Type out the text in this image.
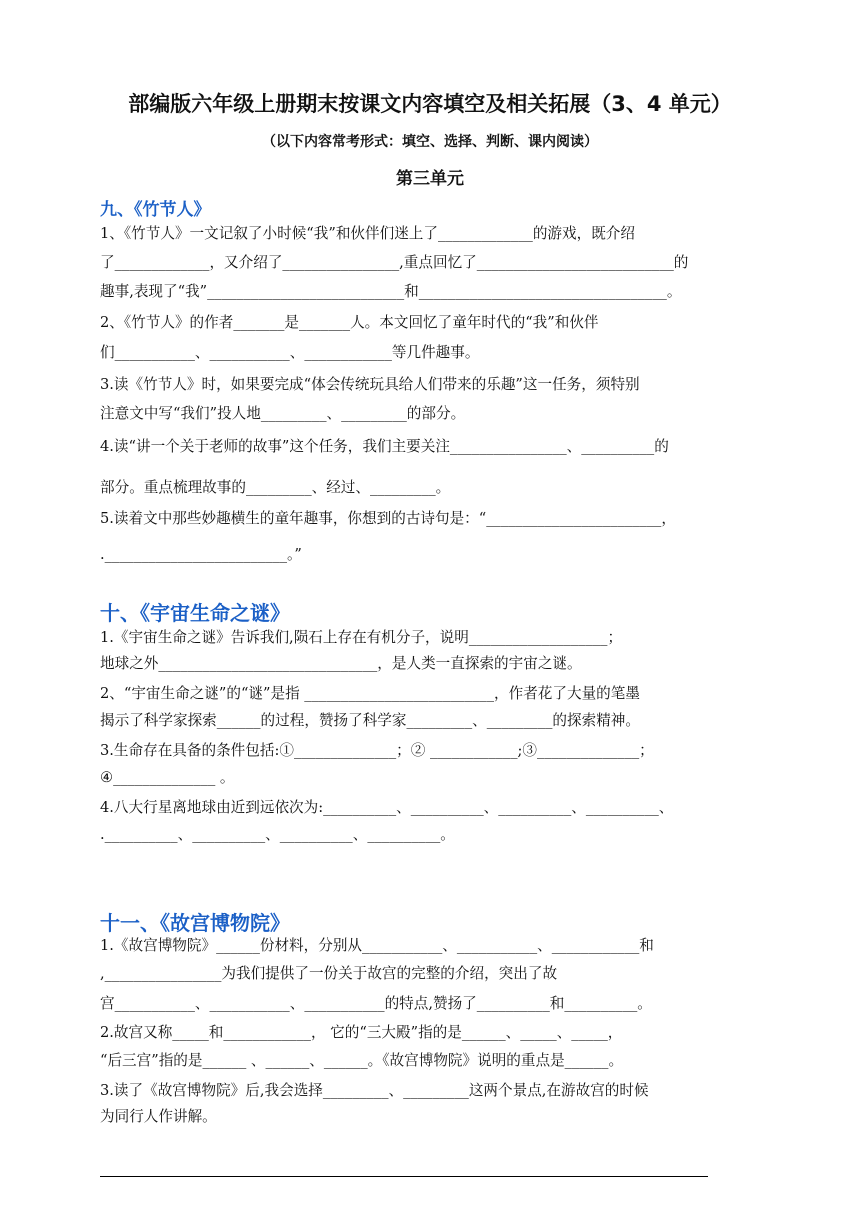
部编版六年级上册期末按课文内容填空及相关拓展（3、4 单元）
（以下内容常考形式：填空、选择、判断、课内阅读）
第三单元
九、《竹节人》
1、《竹节人》一文记叙了小时候“我”和伙伴们迷上了_____________的游戏，既介绍
了_____________，又介绍了________________,重点回忆了___________________________的
趣事,表现了“我”___________________________和__________________________________。
2、《竹节人》的作者_______是_______人。本文回忆了童年时代的“我”和伙伴
们___________、___________、____________等几件趣事。
3.读《竹节人》时，如果要完成“体会传统玩具给人们带来的乐趣”这一任务，须特别
注意文中写“我们”投人地_________、_________的部分。
4.读“讲一个关于老师的故事”这个任务，我们主要关注________________、__________的
部分。重点梳理故事的_________、经过、_________。
5.读着文中那些妙趣横生的童年趣事，你想到的古诗句是：“________________________，
._________________________。”
十、《宇宙生命之谜》
1.《宇宙生命之谜》告诉我们,陨石上存在有机分子，说明___________________；
地球之外______________________________，是人类一直探索的宇宙之谜。
2、“宇宙生命之谜”的“谜”是指 __________________________，作者花了大量的笔墨
揭示了科学家探索______的过程，赞扬了科学家_________、_________的探索精神。
3.生命存在具备的条件包括:①______________；② ____________;③______________；
④______________ 。
4.八大行星离地球由近到远依次为:__________、__________、__________、__________、
.__________、__________、__________、__________。
十一、《故宫博物院》
1.《故宫博物院》______份材料，分别从___________、___________、____________和
,________________为我们提供了一份关于故宫的完整的介绍，突出了故
宫___________、___________、___________的特点,赞扬了__________和__________。
2.故宫又称_____和____________， 它的“三大殿”指的是______、_____、_____，
“后三宫”指的是______ 、______、______。《故宫博物院》说明的重点是______。
3.读了《故宫博物院》后,我会选择_________、_________这两个景点,在游故宫的时候
为同行人作讲解。
